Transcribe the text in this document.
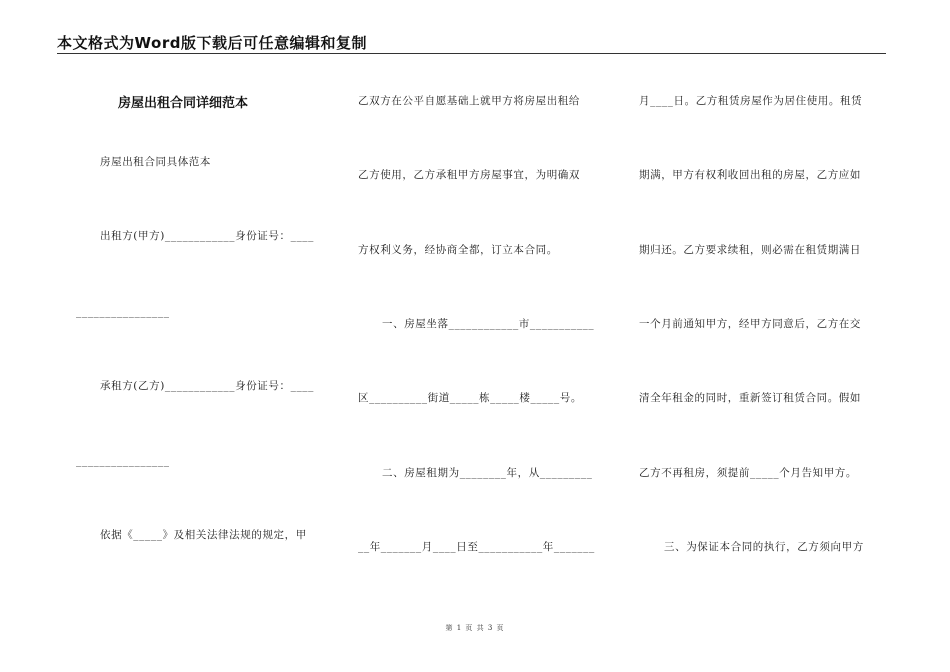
本文格式为Word版下载后可任意编辑和复制
房屋出租合同详细范本
房屋出租合同具体范本
出租方(甲方)____________身份证号：____
________________
承租方(乙方)____________身份证号：____
________________
依据《_____》及相关法律法规的规定，甲
乙双方在公平自愿基础上就甲方将房屋出租给
乙方使用，乙方承租甲方房屋事宜，为明确双
方权利义务，经协商全都，订立本合同。
一、房屋坐落____________市___________
区__________街道_____栋_____楼_____号。
二、房屋租期为________年，从_________
__年_______月____日至___________年_______
月____日。乙方租赁房屋作为居住使用。租赁
期满，甲方有权利收回出租的房屋，乙方应如
期归还。乙方要求续租，则必需在租赁期满日
一个月前通知甲方，经甲方同意后，乙方在交
清全年租金的同时，重新签订租赁合同。假如
乙方不再租房，须提前_____个月告知甲方。
三、为保证本合同的执行，乙方须向甲方
第 1 页 共 3 页
